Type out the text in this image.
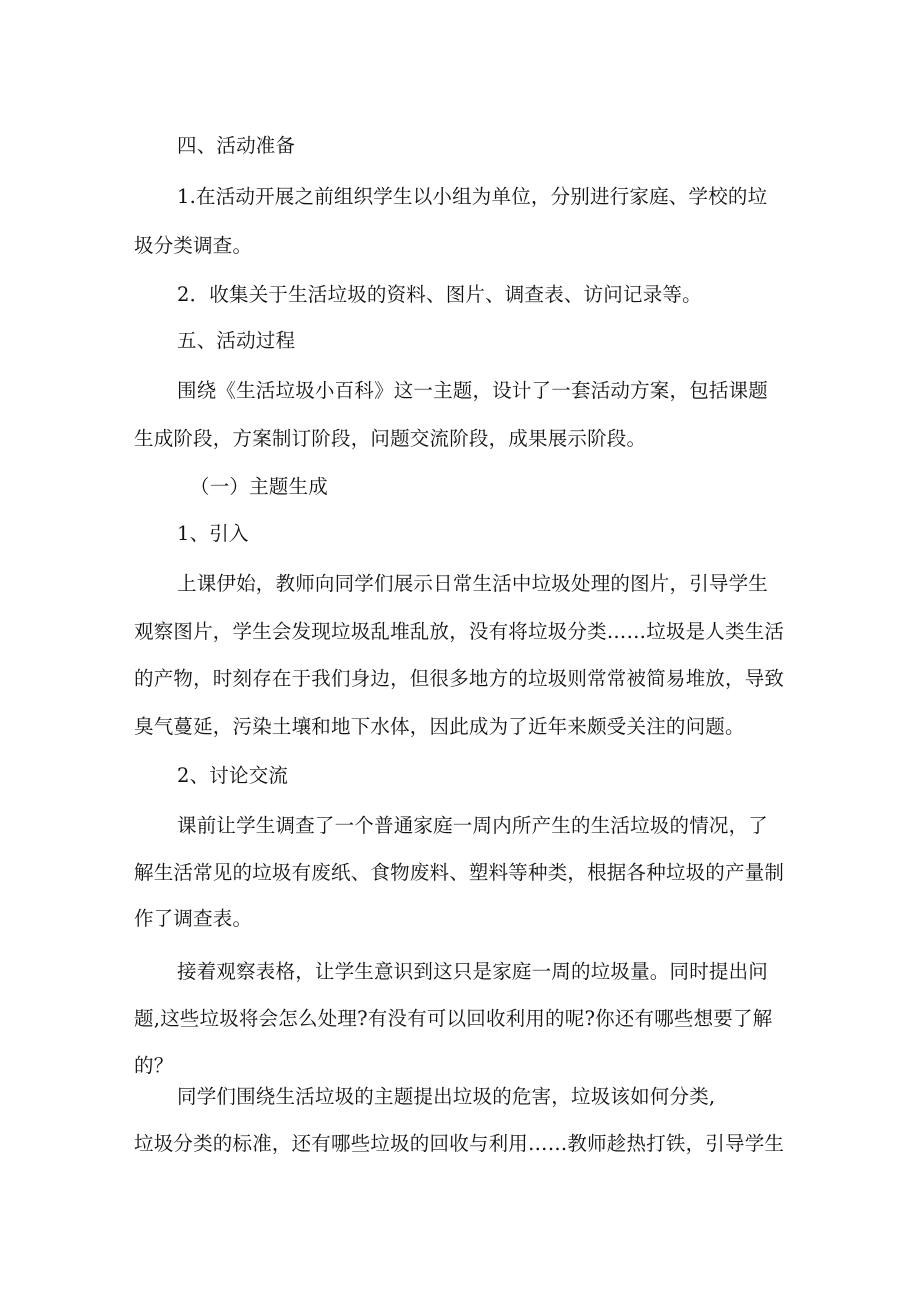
四、活动准备
1.在活动开展之前组织学生以小组为单位，分别进行家庭、学校的垃
圾分类调查。
2．收集关于生活垃圾的资料、图片、调查表、访问记录等。
五、活动过程
围绕《生活垃圾小百科》这一主题，设计了一套活动方案，包括课题
生成阶段，方案制订阶段，问题交流阶段，成果展示阶段。
（一）主题生成
1、引入
上课伊始，教师向同学们展示日常生活中垃圾处理的图片，引导学生
观察图片，学生会发现垃圾乱堆乱放，没有将垃圾分类……垃圾是人类生活
的产物，时刻存在于我们身边，但很多地方的垃圾则常常被简易堆放，导致
臭气蔓延，污染土壤和地下水体，因此成为了近年来颇受关注的问题。
2、讨论交流
课前让学生调查了一个普通家庭一周内所产生的生活垃圾的情况，了
解生活常见的垃圾有废纸、食物废料、塑料等种类，根据各种垃圾的产量制
作了调查表。
接着观察表格，让学生意识到这只是家庭一周的垃圾量。同时提出问
题,这些垃圾将会怎么处理?有没有可以回收利用的呢?你还有哪些想要了解
的？
同学们围绕生活垃圾的主题提出垃圾的危害，垃圾该如何分类,
垃圾分类的标准，还有哪些垃圾的回收与利用……教师趁热打铁，引导学生
